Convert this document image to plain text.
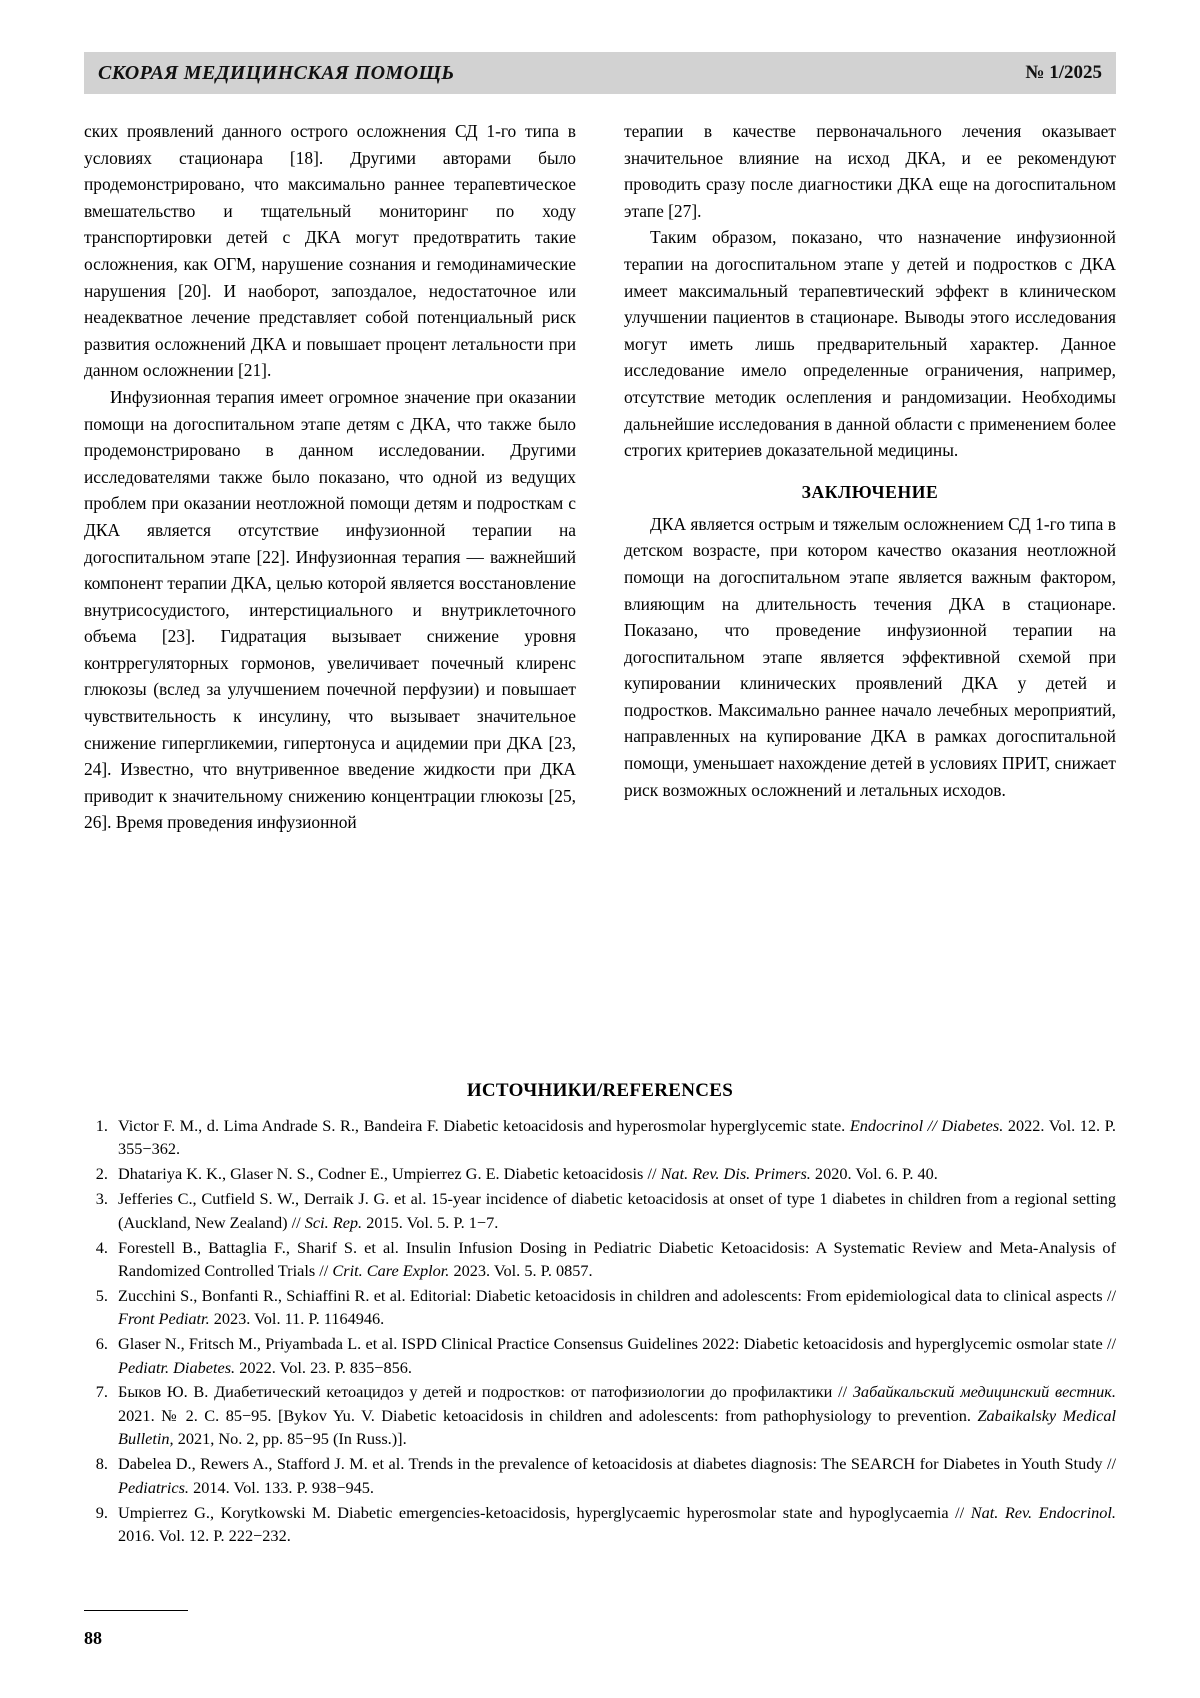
СКОРАЯ МЕДИЦИНСКАЯ ПОМОЩЬ	№ 1/2025

ских проявлений данного острого осложнения СД 1-го типа в условиях стационара [18]. Другими авторами было продемонстрировано, что максимально раннее терапевтическое вмешательство и тщательный мониторинг по ходу транспортировки детей с ДКА могут предотвратить такие осложнения, как ОГМ, нарушение сознания и гемодинамические нарушения [20]. И наоборот, запоздалое, недостаточное или неадекватное лечение представляет собой потенциальный риск развития осложнений ДКА и повышает процент летальности при данном осложнении [21].

Инфузионная терапия имеет огромное значение при оказании помощи на догоспитальном этапе детям с ДКА, что также было продемонстрировано в данном исследовании. Другими исследователями также было показано, что одной из ведущих проблем при оказании неотложной помощи детям и подросткам с ДКА является отсутствие инфузионной терапии на догоспитальном этапе [22]. Инфузионная терапия — важнейший компонент терапии ДКА, целью которой является восстановление внутрисосудистого, интерстициального и внутриклеточного объема [23]. Гидратация вызывает снижение уровня контррегуляторных гормонов, увеличивает почечный клиренс глюкозы (вслед за улучшением почечной перфузии) и повышает чувствительность к инсулину, что вызывает значительное снижение гипергликемии, гипертонуса и ацидемии при ДКА [23, 24]. Известно, что внутривенное введение жидкости при ДКА приводит к значительному снижению концентрации глюкозы [25, 26]. Время проведения инфузионной

терапии в качестве первоначального лечения оказывает значительное влияние на исход ДКА, и ее рекомендуют проводить сразу после диагностики ДКА еще на догоспитальном этапе [27].

Таким образом, показано, что назначение инфузионной терапии на догоспитальном этапе у детей и подростков с ДКА имеет максимальный терапевтический эффект в клиническом улучшении пациентов в стационаре. Выводы этого исследования могут иметь лишь предварительный характер. Данное исследование имело определенные ограничения, например, отсутствие методик ослепления и рандомизации. Необходимы дальнейшие исследования в данной области с применением более строгих критериев доказательной медицины.

ЗАКЛЮЧЕНИЕ

ДКА является острым и тяжелым осложнением СД 1-го типа в детском возрасте, при котором качество оказания неотложной помощи на догоспитальном этапе является важным фактором, влияющим на длительность течения ДКА в стационаре. Показано, что проведение инфузионной терапии на догоспитальном этапе является эффективной схемой при купировании клинических проявлений ДКА у детей и подростков. Максимально раннее начало лечебных мероприятий, направленных на купирование ДКА в рамках догоспитальной помощи, уменьшает нахождение детей в условиях ПРИТ, снижает риск возможных осложнений и летальных исходов.

ИСТОЧНИКИ/REFERENCES
1. Victor F. M., d. Lima Andrade S. R., Bandeira F. Diabetic ketoacidosis and hyperosmolar hyperglycemic state. Endocrinol // Diabetes. 2022. Vol. 12. P. 355−362.
2. Dhatariya K. K., Glaser N. S., Codner E., Umpierrez G. E. Diabetic ketoacidosis // Nat. Rev. Dis. Primers. 2020. Vol. 6. P. 40.
3. Jefferies C., Cutfield S. W., Derraik J. G. et al. 15-year incidence of diabetic ketoacidosis at onset of type 1 diabetes in children from a regional setting (Auckland, New Zealand) // Sci. Rep. 2015. Vol. 5. P. 1−7.
4. Forestell B., Battaglia F., Sharif S. et al. Insulin Infusion Dosing in Pediatric Diabetic Ketoacidosis: A Systematic Review and Meta-Analysis of Randomized Controlled Trials // Crit. Care Explor. 2023. Vol. 5. P. 0857.
5. Zucchini S., Bonfanti R., Schiaffini R. et al. Editorial: Diabetic ketoacidosis in children and adolescents: From epidemiological data to clinical aspects // Front Pediatr. 2023. Vol. 11. P. 1164946.
6. Glaser N., Fritsch M., Priyambada L. et al. ISPD Clinical Practice Consensus Guidelines 2022: Diabetic ketoacidosis and hyperglycemic osmolar state // Pediatr. Diabetes. 2022. Vol. 23. P. 835−856.
7. Быков Ю. В. Диабетический кетоацидоз у детей и подростков: от патофизиологии до профилактики // Забайкальский медицинский вестник. 2021. № 2. С. 85−95. [Bykov Yu. V. Diabetic ketoacidosis in children and adolescents: from pathophysiology to prevention. Zabaikalsky Medical Bulletin, 2021, No. 2, pp. 85−95 (In Russ.)].
8. Dabelea D., Rewers A., Stafford J. M. et al. Trends in the prevalence of ketoacidosis at diabetes diagnosis: The SEARCH for Diabetes in Youth Study // Pediatrics. 2014. Vol. 133. P. 938−945.
9. Umpierrez G., Korytkowski M. Diabetic emergencies-ketoacidosis, hyperglycaemic hyperosmolar state and hypoglycaemia // Nat. Rev. Endocrinol. 2016. Vol. 12. P. 222−232.
88
